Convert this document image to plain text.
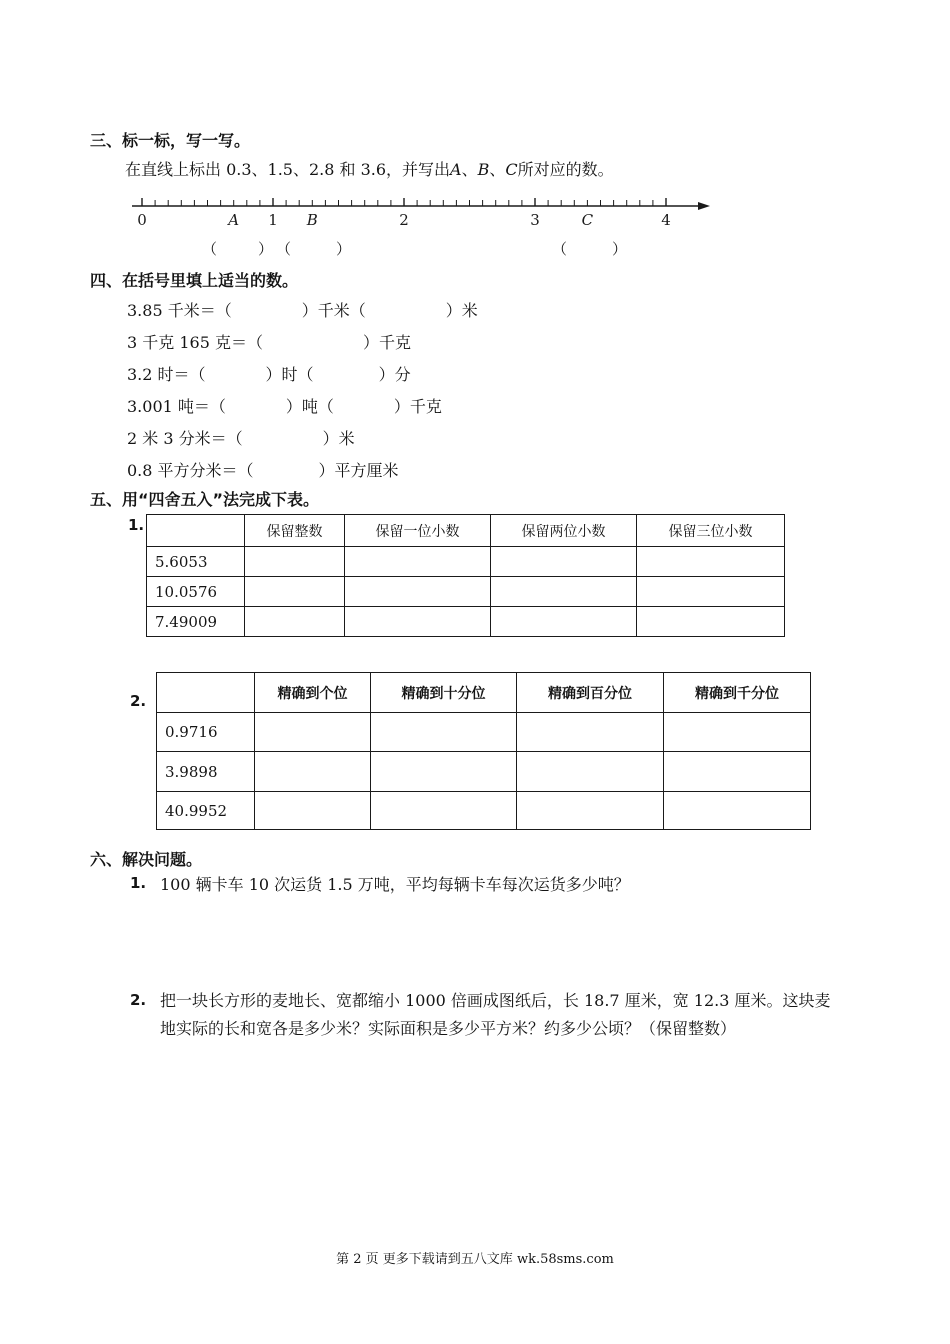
三、标一标，写一写。
在直线上标出 0.3、1.5、2.8 和 3.6，并写出A、B、C所对应的数。
0	1	2	3	4
A	B	C
（	） （	）	（	）
四、在括号里填上适当的数。
3.85 千米＝（	）千米（	）米
3 千克 165 克＝（	）千克
3.2 时＝（	）时（	）分
3.001 吨＝（	）吨（	）千克
2 米 3 分米＝（	）米
0.8 平方分米＝（	）平方厘米
五、用“四舍五入”法完成下表。
1.
		保留整数	保留一位小数	保留两位小数	保留三位小数
5.6053				
10.0576				
7.49009				
2.
		精确到个位	精确到十分位	精确到百分位	精确到千分位
0.9716				
3.9898				
40.9952				
六、解决问题。
1. 100 辆卡车 10 次运货 1.5 万吨，平均每辆卡车每次运货多少吨？
2. 把一块长方形的麦地长、宽都缩小 1000 倍画成图纸后，长 18.7 厘米，宽 12.3 厘米。这块麦
地实际的长和宽各是多少米？实际面积是多少平方米？约多少公顷？（保留整数）
第 2 页 更多下载请到五八文库 wk.58sms.com
